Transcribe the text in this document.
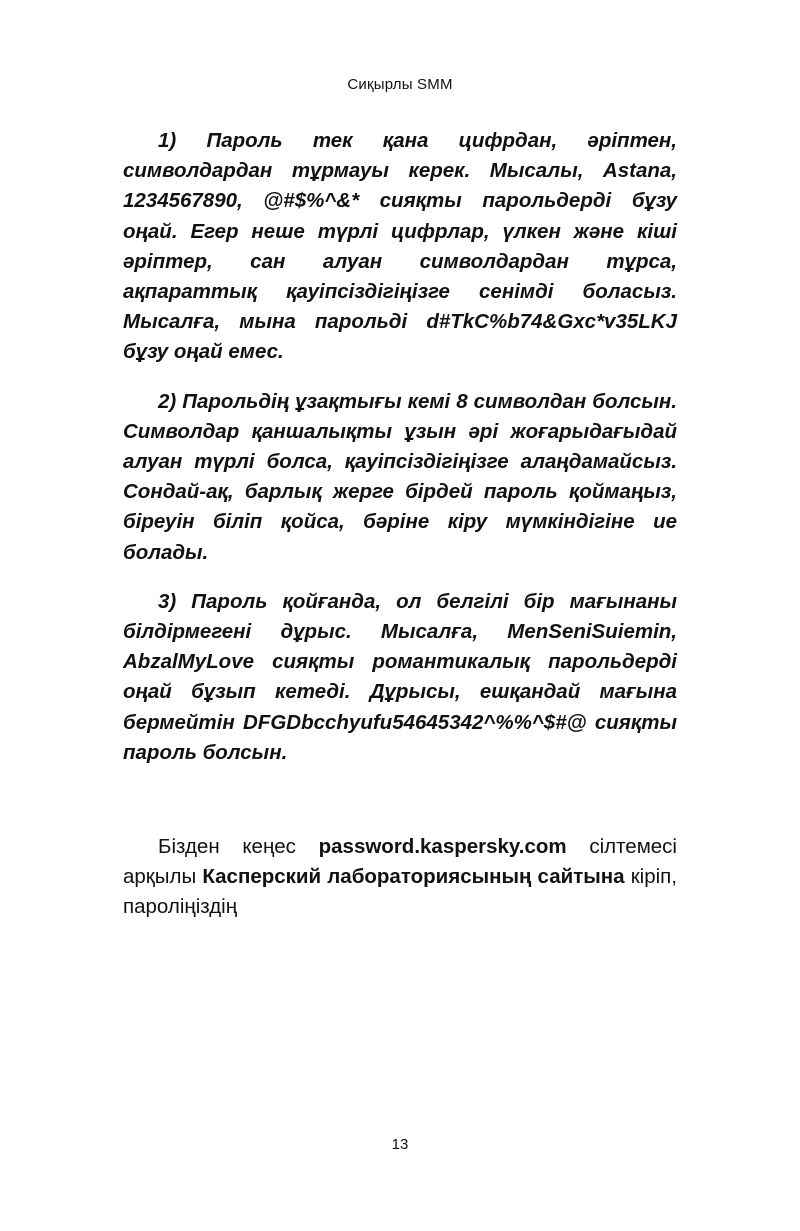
Сиқырлы SMM

1) Пароль тек қана цифрдан, әріптен, символдардан тұрмауы керек. Мысалы, Astana, 1234567890, @#$%^&* сияқты парольдерді бұзу оңай. Егер неше түрлі цифрлар, үлкен және кіші әріптер, сан алуан символдардан тұрса, ақпараттық қауіпсіздігіңізге сенімді боласыз. Мысалға, мына парольді d#TkC%b74&Gxc*v35LKJ бұзу оңай емес.

2) Парольдің ұзақтығы кемі 8 символдан болсын. Символдар қаншалықты ұзын әрі жоғарыдағыдай алуан түрлі болса, қауіпсіздігіңізге алаңдамайсыз. Сондай-ақ, барлық жерге бірдей пароль қоймаңыз, біреуін біліп қойса, бәріне кіру мүмкіндігіне ие болады.

3) Пароль қойғанда, ол белгілі бір мағынаны білдірмегені дұрыс. Мысалға, MenSeniSuiemin, AbzalMyLove сияқты романтикалық парольдерді оңай бұзып кетеді. Дұрысы, ешқандай мағына бермейтін DFGDbcchyufu54645342^%%^$#@ сияқты пароль болсын.

Бізден кеңес password.kaspersky.com сілтемесі арқылы Касперский лабораториясының сайтына кіріп, пароліңіздің

13
